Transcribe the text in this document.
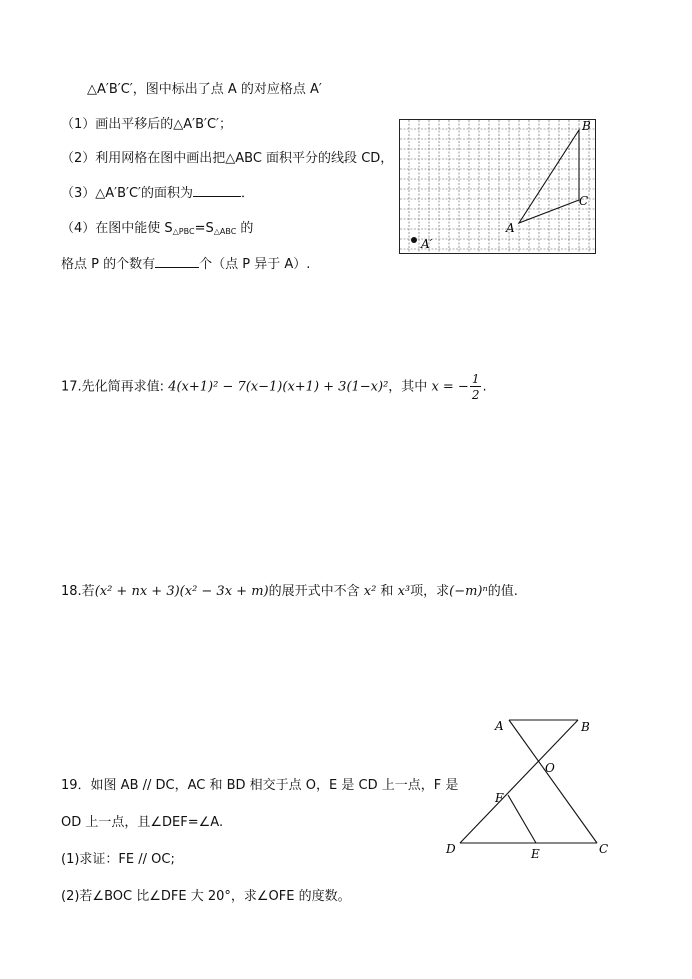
△A′B′C′，图中标出了点 A 的对应格点 A′
（1）画出平移后的△A′B′C′；
（2）利用网格在图中画出把△ABC 面积平分的线段 CD，
（3）△A′B′C′的面积为	．
（4）在图中能使 $S_{\triangle PBC}=S_{\triangle ABC}$ 的
格点 P 的个数有	个（点 P 异于 A）.
B
C
A
A′
17.先化简再求值: 4(x+1)² − 7(x−1)(x+1) + 3(1−x)²，其中 x = − $\frac{1}{2}$ .
18.若(x² + nx + 3)(x² − 3x + m)的展开式中不含 x² 和 x³项，求(−m)ⁿ的值.
19．如图 AB // DC，AC 和 BD 相交于点 O，E 是 CD 上一点，F 是
OD 上一点，且∠DEF=∠A.
(1)求证：FE // OC;
(2)若∠BOC 比∠DFE 大 20°，求∠OFE 的度数。
A	B
O
F
D	E	C
